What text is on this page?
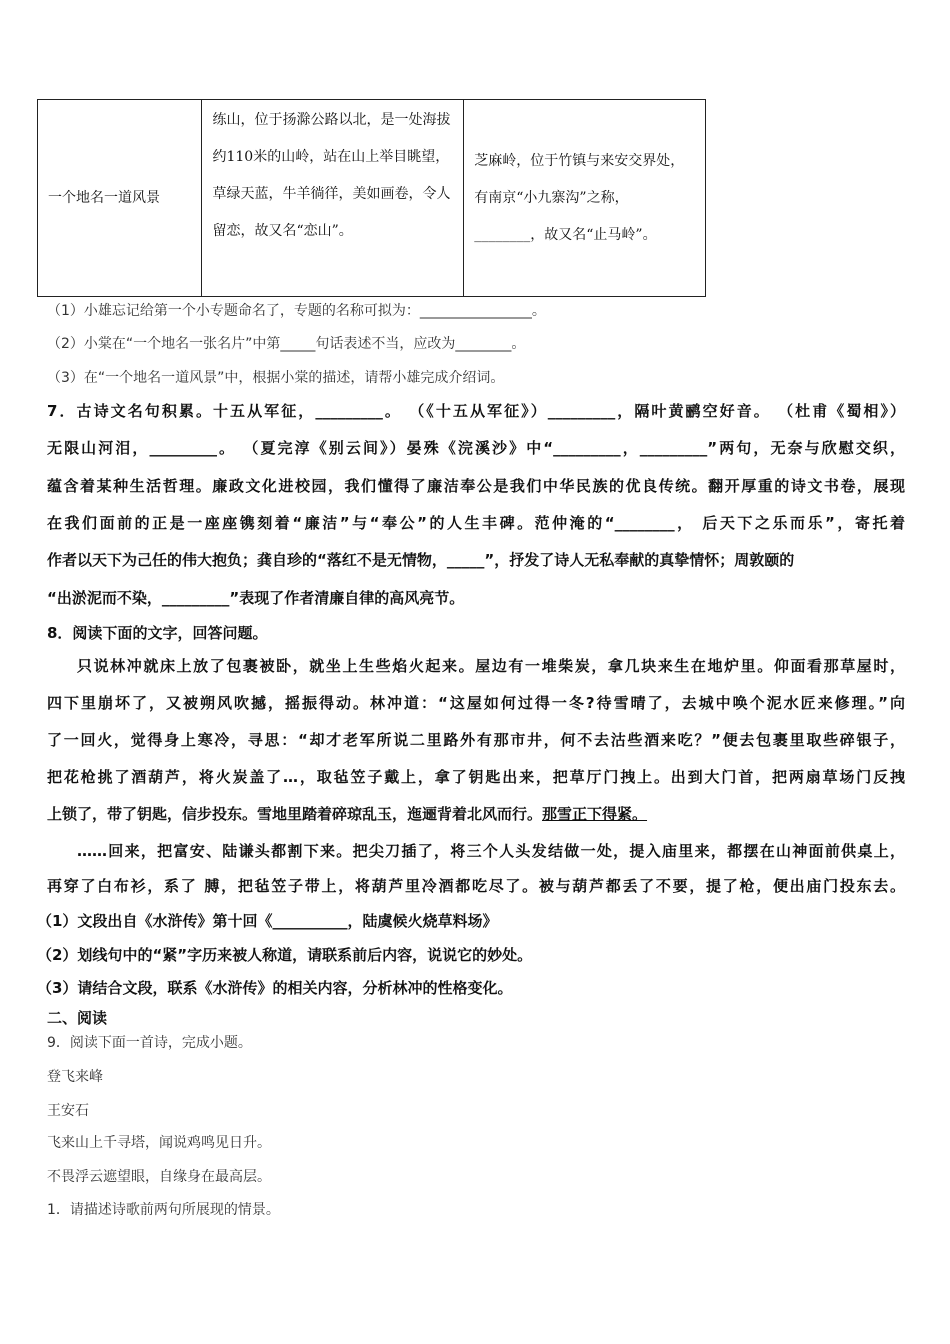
一个地名一道风景	练山，位于扬滁公路以北，是一处海拔约110米的山岭，站在山上举目眺望，草绿天蓝，牛羊徜徉，美如画卷，令人留恋，故又名“恋山”。	芝麻岭，位于竹镇与来安交界处，有南京“小九寨沟”之称，________，故又名“止马岭”。
（1）小雄忘记给第一个小专题命名了，专题的名称可拟为：________________。
（2）小棠在“一个地名一张名片”中第_____句话表述不当，应改为________。
（3）在“一个地名一道风景”中，根据小棠的描述，请帮小雄完成介绍词。
7．古诗文名句积累。十五从军征，_________。 （《十五从军征》）_________，隔叶黄鹂空好音。 （杜甫《蜀相》）
无限山河泪，_________。 （夏完淳《别云间》）晏殊《浣溪沙》中“_________，_________”两句，无奈与欣慰交织，
蕴含着某种生活哲理。廉政文化进校园，我们懂得了廉洁奉公是我们中华民族的优良传统。翻开厚重的诗文书卷，展现
在我们面前的正是一座座镌刻着“廉洁”与“奉公”的人生丰碑。范仲淹的“________， 后天下之乐而乐”，寄托着
作者以天下为己任的伟大抱负；龚自珍的“落红不是无情物，_____”，抒发了诗人无私奉献的真挚情怀；周敦颐的
“出淤泥而不染，_________”表现了作者清廉自律的高风亮节。
8．阅读下面的文字，回答问题。
只说林冲就床上放了包裹被卧，就坐上生些焰火起来。屋边有一堆柴炭，拿几块来生在地炉里。仰面看那草屋时，
四下里崩坏了，又被朔风吹撼，摇振得动。林冲道：“这屋如何过得一冬?待雪晴了，去城中唤个泥水匠来修理。”向
了一回火，觉得身上寒冷，寻思：“却才老军所说二里路外有那市井，何不去沽些酒来吃？”便去包裹里取些碎银子，
把花枪挑了酒葫芦，将火炭盖了…，取毡笠子戴上，拿了钥匙出来，把草厅门拽上。出到大门首，把两扇草场门反拽
上锁了，带了钥匙，信步投东。雪地里踏着碎琼乱玉，迤逦背着北风而行。那雪正下得紧。
……回来，把富安、陆谦头都割下来。把尖刀插了，将三个人头发结做一处，提入庙里来，都摆在山神面前供桌上，
再穿了白布衫，系了 膊，把毡笠子带上，将葫芦里冷酒都吃尽了。被与葫芦都丢了不要，提了枪，便出庙门投东去。
（1）文段出自《水浒传》第十回《__________，陆虞候火烧草料场》
（2）划线句中的“紧”字历来被人称道，请联系前后内容，说说它的妙处。
（3）请结合文段，联系《水浒传》的相关内容，分析林冲的性格变化。
二、阅读
9．阅读下面一首诗，完成小题。
登飞来峰
王安石
飞来山上千寻塔，闻说鸡鸣见日升。
不畏浮云遮望眼，自缘身在最高层。
1．请描述诗歌前两句所展现的情景。
